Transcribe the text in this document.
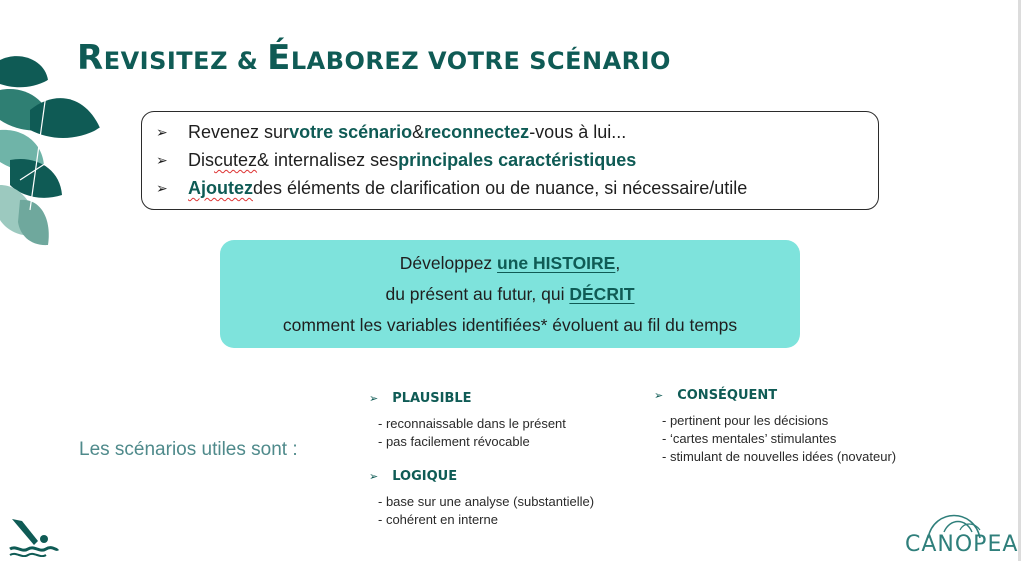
REVISITEZ & ÉLABOREZ VOTRE SCÉNARIO
➢	Revenez sur votre scénario & reconnectez -vous à lui...
➢	Dis cutez & internalisez ses principales caractéristiques
➢	Ajoutez des éléments de clarification ou de nuance, si nécessaire/utile
Développez une HISTOIRE,
du présent au futur, qui DÉCRIT
comment les variables identifiées* évoluent au fil du temps
Les scénarios utiles sont :
➢ PLAUSIBLE
- reconnaissable dans le présent
- pas facilement révocable
➢ LOGIQUE
- base sur une analyse (substantielle)
- cohérent en interne
➢ CONSÉQUENT
- pertinent pour les décisions
- ‘cartes mentales’ stimulantes
- stimulant de nouvelles idées (novateur)
CANOPEA
